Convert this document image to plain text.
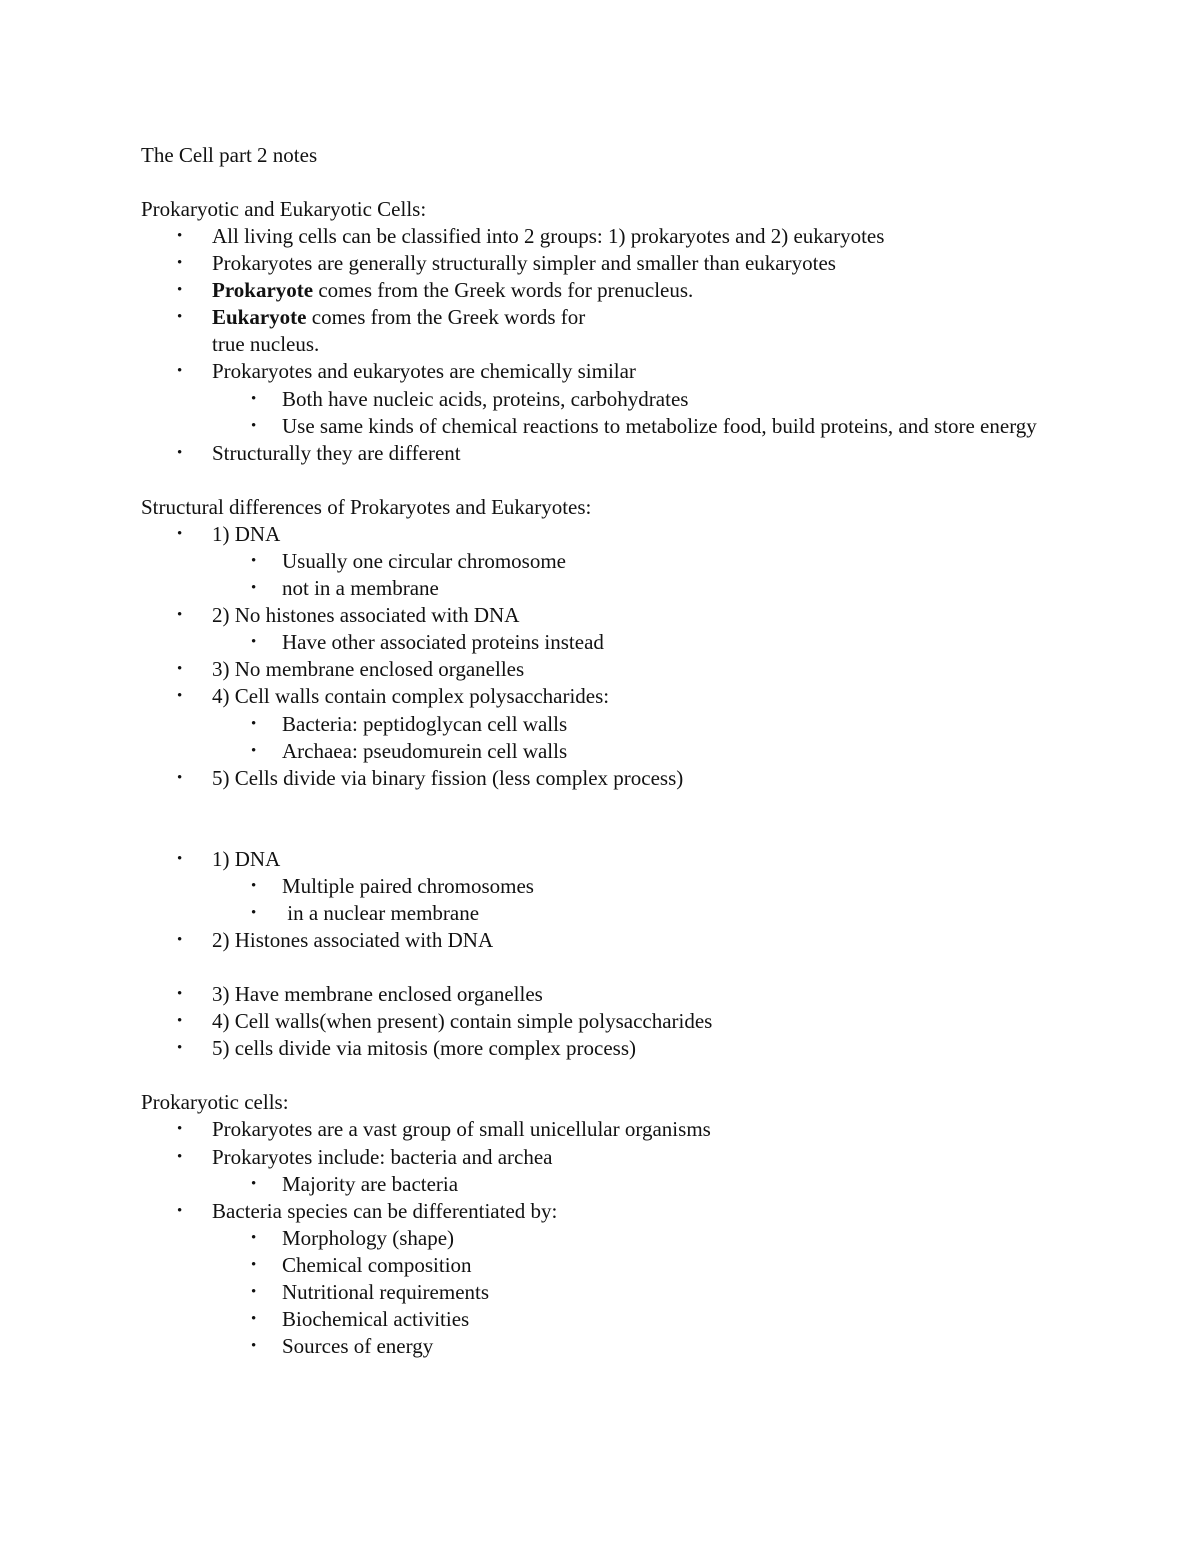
The Cell part 2 notes
Prokaryotic and Eukaryotic Cells:
• All living cells can be classified into 2 groups: 1) prokaryotes and 2) eukaryotes
• Prokaryotes are generally structurally simpler and smaller than eukaryotes
• Prokaryote comes from the Greek words for prenucleus.
• Eukaryote comes from the Greek words for
true nucleus.
• Prokaryotes and eukaryotes are chemically similar
• Both have nucleic acids, proteins, carbohydrates
• Use same kinds of chemical reactions to metabolize food, build proteins, and store energy
• Structurally they are different
Structural differences of Prokaryotes and Eukaryotes:
• 1) DNA
• Usually one circular chromosome
• not in a membrane
• 2) No histones associated with DNA
• Have other associated proteins instead
• 3) No membrane enclosed organelles
• 4) Cell walls contain complex polysaccharides:
• Bacteria: peptidoglycan cell walls
• Archaea: pseudomurein cell walls
• 5) Cells divide via binary fission (less complex process)
• 1) DNA
• Multiple paired chromosomes
• in a nuclear membrane
• 2) Histones associated with DNA
• 3) Have membrane enclosed organelles
• 4) Cell walls(when present) contain simple polysaccharides
• 5) cells divide via mitosis (more complex process)
Prokaryotic cells:
• Prokaryotes are a vast group of small unicellular organisms
• Prokaryotes include: bacteria and archea
• Majority are bacteria
• Bacteria species can be differentiated by:
• Morphology (shape)
• Chemical composition
• Nutritional requirements
• Biochemical activities
• Sources of energy
